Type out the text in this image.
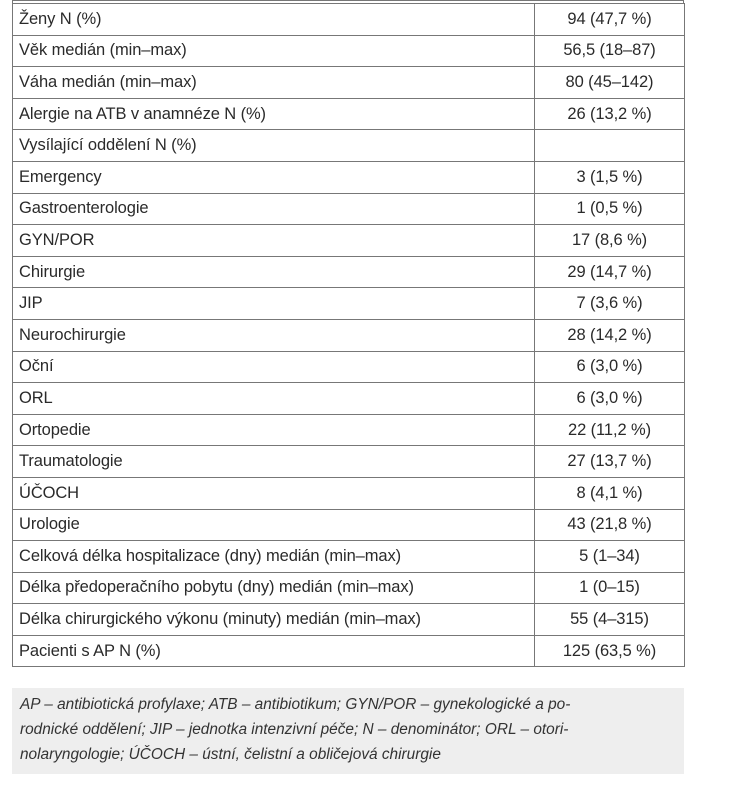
Ženy N (%)	94 (47,7 %)
Věk medián (min–max)	56,5 (18–87)
Váha medián (min–max)	80 (45–142)
Alergie na ATB v anamnéze N (%)	26 (13,2 %)
Vysílající oddělení N (%)	
Emergency	3 (1,5 %)
Gastroenterologie	1 (0,5 %)
GYN/POR	17 (8,6 %)
Chirurgie	29 (14,7 %)
JIP	7 (3,6 %)
Neurochirurgie	28 (14,2 %)
Oční	6 (3,0 %)
ORL	6 (3,0 %)
Ortopedie	22 (11,2 %)
Traumatologie	27 (13,7 %)
ÚČOCH	8 (4,1 %)
Urologie	43 (21,8 %)
Celková délka hospitalizace (dny) medián (min–max)	5 (1–34)
Délka předoperačního pobytu (dny) medián (min–max)	1 (0–15)
Délka chirurgického výkonu (minuty) medián (min–max)	55 (4–315)
Pacienti s AP N (%)	125 (63,5 %)
AP – antibiotická profylaxe; ATB – antibiotikum; GYN/POR – gynekologické a po-
rodnické oddělení; JIP – jednotka intenzivní péče; N – denominátor; ORL – otori-
nolaryngologie; ÚČOCH – ústní, čelistní a obličejová chirurgie
